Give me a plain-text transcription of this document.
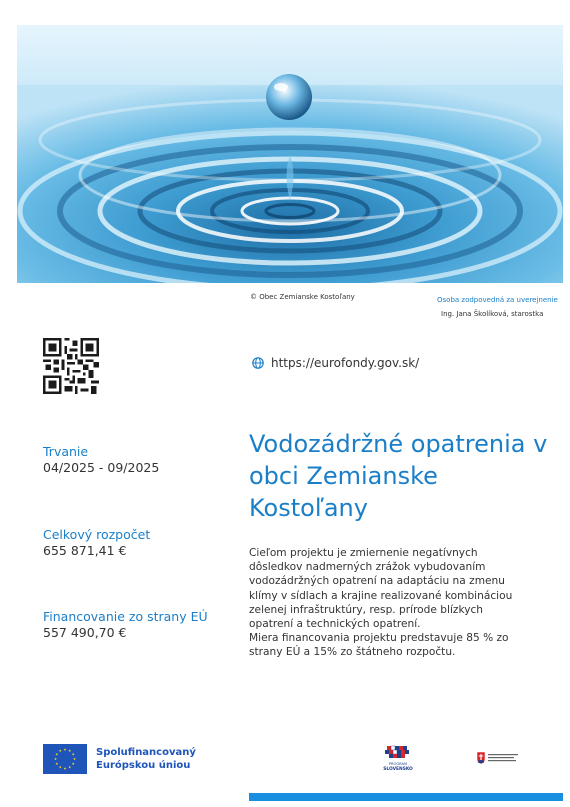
© Obec Zemianske Kostoľany	Osoba zodpovedná za uverejnenie
Ing. Jana Školíková, starostka
https://eurofondy.gov.sk/
Trvanie
04/2025 - 09/2025
Celkový rozpočet
655 871,41 €
Financovanie zo strany EÚ
557 490,70 €
Vodozádržné opatrenia v obci Zemianske Kostoľany
Cieľom projektu je zmiernenie negatívnych
dôsledkov nadmerných zrážok vybudovaním
vodozádržných opatrení na adaptáciu na zmenu
klímy v sídlach a krajine realizované kombináciou
zelenej infraštruktúry, resp. prírode blízkych
opatrení a technických opatrení.
Miera financovania projektu predstavuje 85 % zo
strany EÚ a 15% zo štátneho rozpočtu.
Spolufinancovaný
Európskou úniou	PROGRAM
SLOVENSKO
